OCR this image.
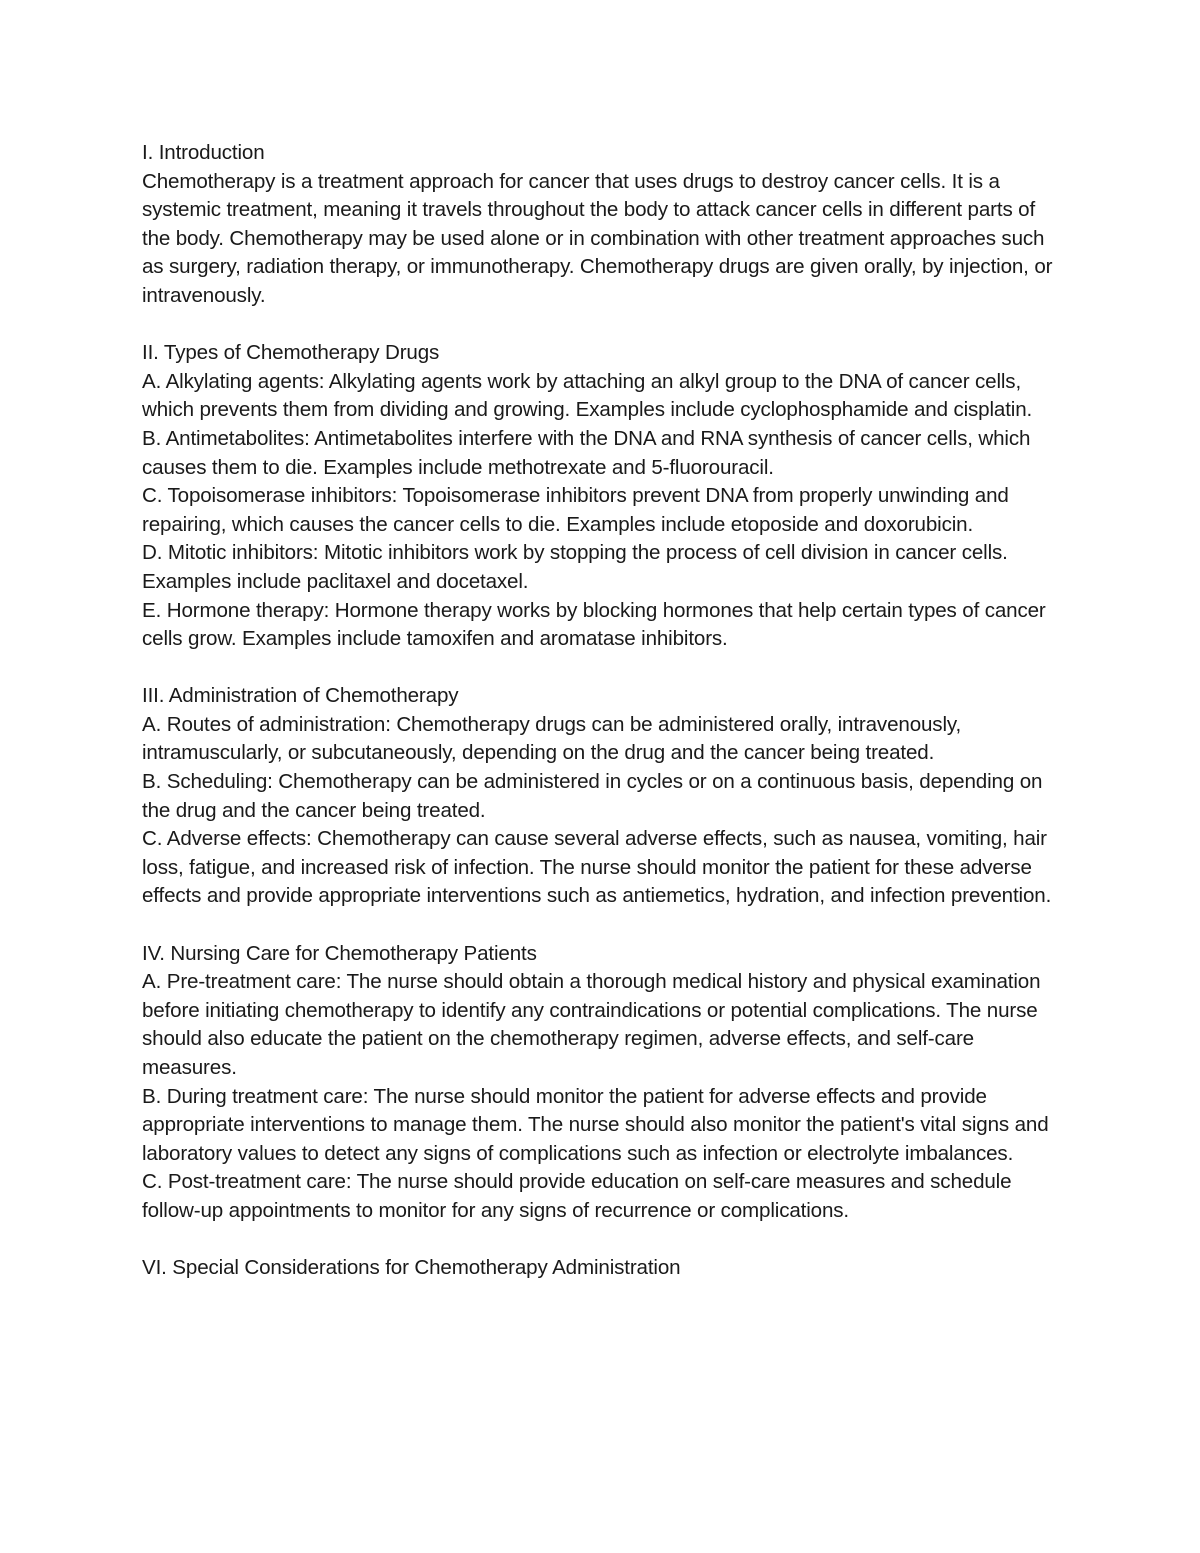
I. Introduction

Chemotherapy is a treatment approach for cancer that uses drugs to destroy cancer cells. It is a systemic treatment, meaning it travels throughout the body to attack cancer cells in different parts of the body. Chemotherapy may be used alone or in combination with other treatment approaches such as surgery, radiation therapy, or immunotherapy. Chemotherapy drugs are given orally, by injection, or intravenously.

II. Types of Chemotherapy Drugs

A. Alkylating agents: Alkylating agents work by attaching an alkyl group to the DNA of cancer cells, which prevents them from dividing and growing. Examples include cyclophosphamide and cisplatin.

B. Antimetabolites: Antimetabolites interfere with the DNA and RNA synthesis of cancer cells, which causes them to die. Examples include methotrexate and 5-fluorouracil.

C. Topoisomerase inhibitors: Topoisomerase inhibitors prevent DNA from properly unwinding and repairing, which causes the cancer cells to die. Examples include etoposide and doxorubicin.

D. Mitotic inhibitors: Mitotic inhibitors work by stopping the process of cell division in cancer cells. Examples include paclitaxel and docetaxel.

E. Hormone therapy: Hormone therapy works by blocking hormones that help certain types of cancer cells grow. Examples include tamoxifen and aromatase inhibitors.

III. Administration of Chemotherapy

A. Routes of administration: Chemotherapy drugs can be administered orally, intravenously, intramuscularly, or subcutaneously, depending on the drug and the cancer being treated.

B. Scheduling: Chemotherapy can be administered in cycles or on a continuous basis, depending on the drug and the cancer being treated.

C. Adverse effects: Chemotherapy can cause several adverse effects, such as nausea, vomiting, hair loss, fatigue, and increased risk of infection. The nurse should monitor the patient for these adverse effects and provide appropriate interventions such as antiemetics, hydration, and infection prevention.

IV. Nursing Care for Chemotherapy Patients

A. Pre-treatment care: The nurse should obtain a thorough medical history and physical examination before initiating chemotherapy to identify any contraindications or potential complications. The nurse should also educate the patient on the chemotherapy regimen, adverse effects, and self-care measures.

B. During treatment care: The nurse should monitor the patient for adverse effects and provide appropriate interventions to manage them. The nurse should also monitor the patient's vital signs and laboratory values to detect any signs of complications such as infection or electrolyte imbalances.

C. Post-treatment care: The nurse should provide education on self-care measures and schedule follow-up appointments to monitor for any signs of recurrence or complications.

VI. Special Considerations for Chemotherapy Administration
